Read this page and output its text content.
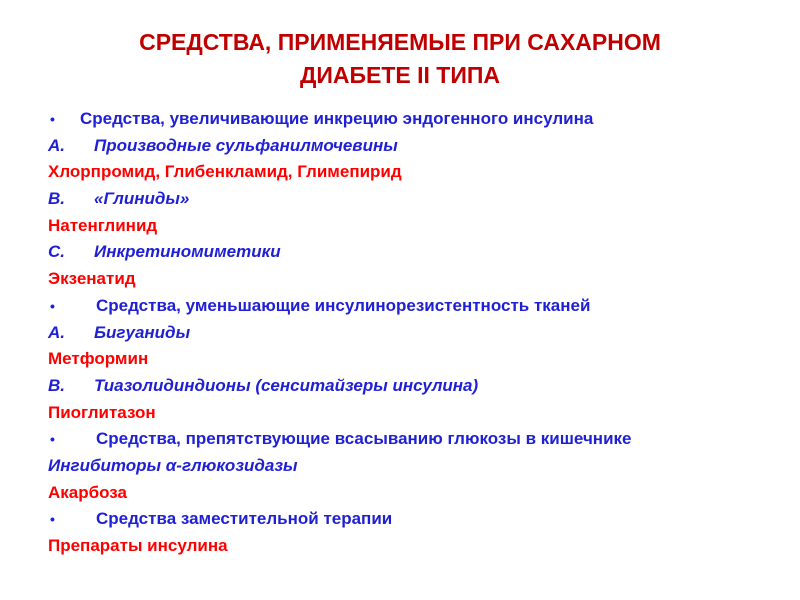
СРЕДСТВА, ПРИМЕНЯЕМЫЕ ПРИ САХАРНОМ
ДИАБЕТЕ II ТИПА
• Средства, увеличивающие инкрецию эндогенного инсулина
A. Производные сульфанилмочевины
Хлорпромид, Глибенкламид, Глимепирид
B. «Глиниды»
Натенглинид
C. Инкретиномиметики
Экзенатид
• Средства, уменьшающие инсулинорезистентность тканей
A. Бигуаниды
Метформин
B. Тиазолидиндионы (сенситайзеры инсулина)
Пиоглитазон
• Средства, препятствующие всасыванию глюкозы в кишечнике
Ингибиторы α-глюкозидазы
Акарбоза
• Средства заместительной терапии
Препараты инсулина
